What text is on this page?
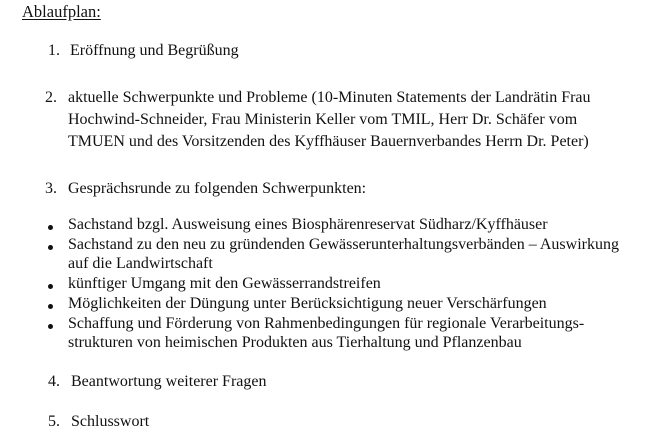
Ablaufplan:
1. Eröffnung und Begrüßung
2. aktuelle Schwerpunkte und Probleme (10-Minuten Statements der Landrätin Frau
Hochwind-Schneider, Frau Ministerin Keller vom TMIL, Herr Dr. Schäfer vom
TMUEN und des Vorsitzenden des Kyffhäuser Bauernverbandes Herrn Dr. Peter)
3. Gesprächsrunde zu folgenden Schwerpunkten:
Sachstand bzgl. Ausweisung eines Biosphärenreservat Südharz/Kyffhäuser
Sachstand zu den neu zu gründenden Gewässerunterhaltungsverbänden – Auswirkung
auf die Landwirtschaft
künftiger Umgang mit den Gewässerrandstreifen
Möglichkeiten der Düngung unter Berücksichtigung neuer Verschärfungen
Schaffung und Förderung von Rahmenbedingungen für regionale Verarbeitungs-
strukturen von heimischen Produkten aus Tierhaltung und Pflanzenbau
4. Beantwortung weiterer Fragen
5. Schlusswort
